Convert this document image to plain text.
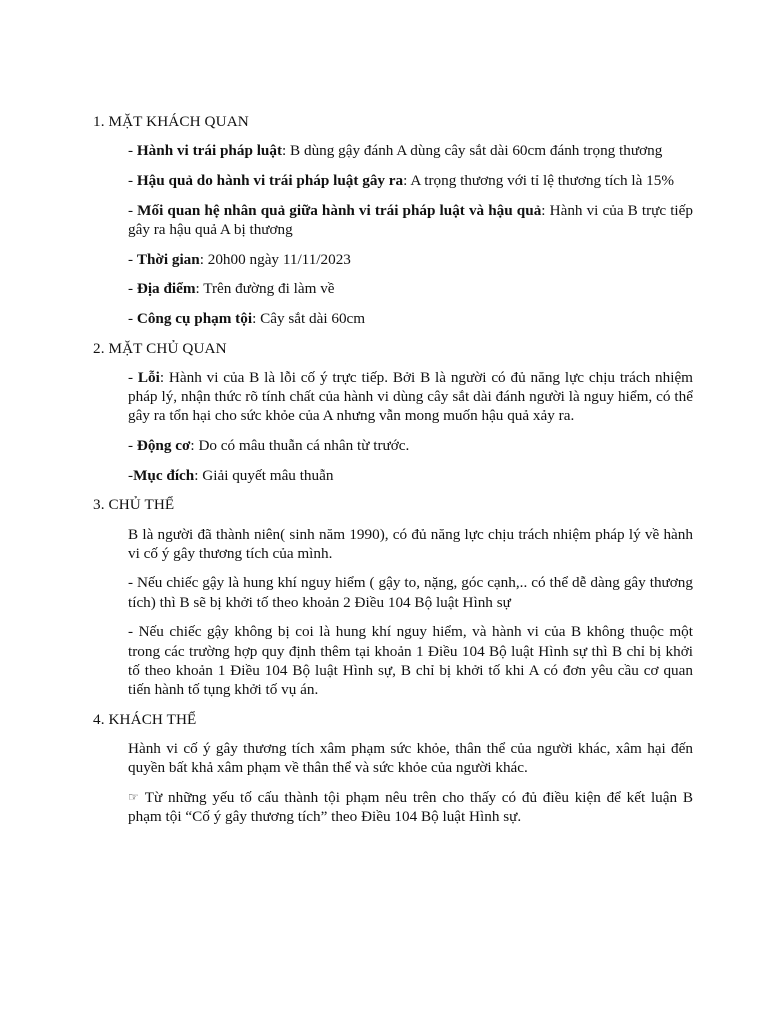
1. MẶT KHÁCH QUAN
- Hành vi trái pháp luật: B dùng gậy đánh A dùng cây sắt dài 60cm đánh trọng thương
- Hậu quả do hành vi trái pháp luật gây ra: A trọng thương với tỉ lệ thương tích là 15%
- Mối quan hệ nhân quả giữa hành vi trái pháp luật và hậu quả: Hành vi của B trực tiếp gây ra hậu quả A bị thương
- Thời gian: 20h00 ngày 11/11/2023
- Địa điểm: Trên đường đi làm về
- Công cụ phạm tội: Cây sắt dài 60cm
2. MẶT CHỦ QUAN
- Lỗi: Hành vi của B là lỗi cố ý trực tiếp. Bởi B là người có đủ năng lực chịu trách nhiệm pháp lý, nhận thức rõ tính chất của hành vi dùng cây sắt dài đánh người là nguy hiểm, có thể gây ra tổn hại cho sức khỏe của A nhưng vẫn mong muốn hậu quả xảy ra.
- Động cơ: Do có mâu thuẫn cá nhân từ trước.
-Mục đích: Giải quyết mâu thuẫn
3. CHỦ THỂ
B là người đã thành niên( sinh năm 1990), có đủ năng lực chịu trách nhiệm pháp lý về hành vi cố ý gây thương tích của mình.
- Nếu chiếc gậy là hung khí nguy hiểm ( gậy to, nặng, góc cạnh,.. có thể dễ dàng gây thương tích) thì B sẽ bị khởi tố theo khoản 2 Điều 104 Bộ luật Hình sự
- Nếu chiếc gậy không bị coi là hung khí nguy hiểm, và hành vi của B không thuộc một trong các trường hợp quy định thêm tại khoản 1 Điều 104 Bộ luật Hình sự thì B chỉ bị khởi tố theo khoản 1 Điều 104 Bộ luật Hình sự, B chỉ bị khởi tố khi A có đơn yêu cầu cơ quan tiến hành tố tụng khởi tố vụ án.
4. KHÁCH THỂ
Hành vi cố ý gây thương tích xâm phạm sức khỏe, thân thể của người khác, xâm hại đến quyền bất khả xâm phạm về thân thể và sức khỏe của người khác.
☞ Từ những yếu tố cấu thành tội phạm nêu trên cho thấy có đủ điều kiện để kết luận B phạm tội “Cố ý gây thương tích” theo Điều 104 Bộ luật Hình sự.
